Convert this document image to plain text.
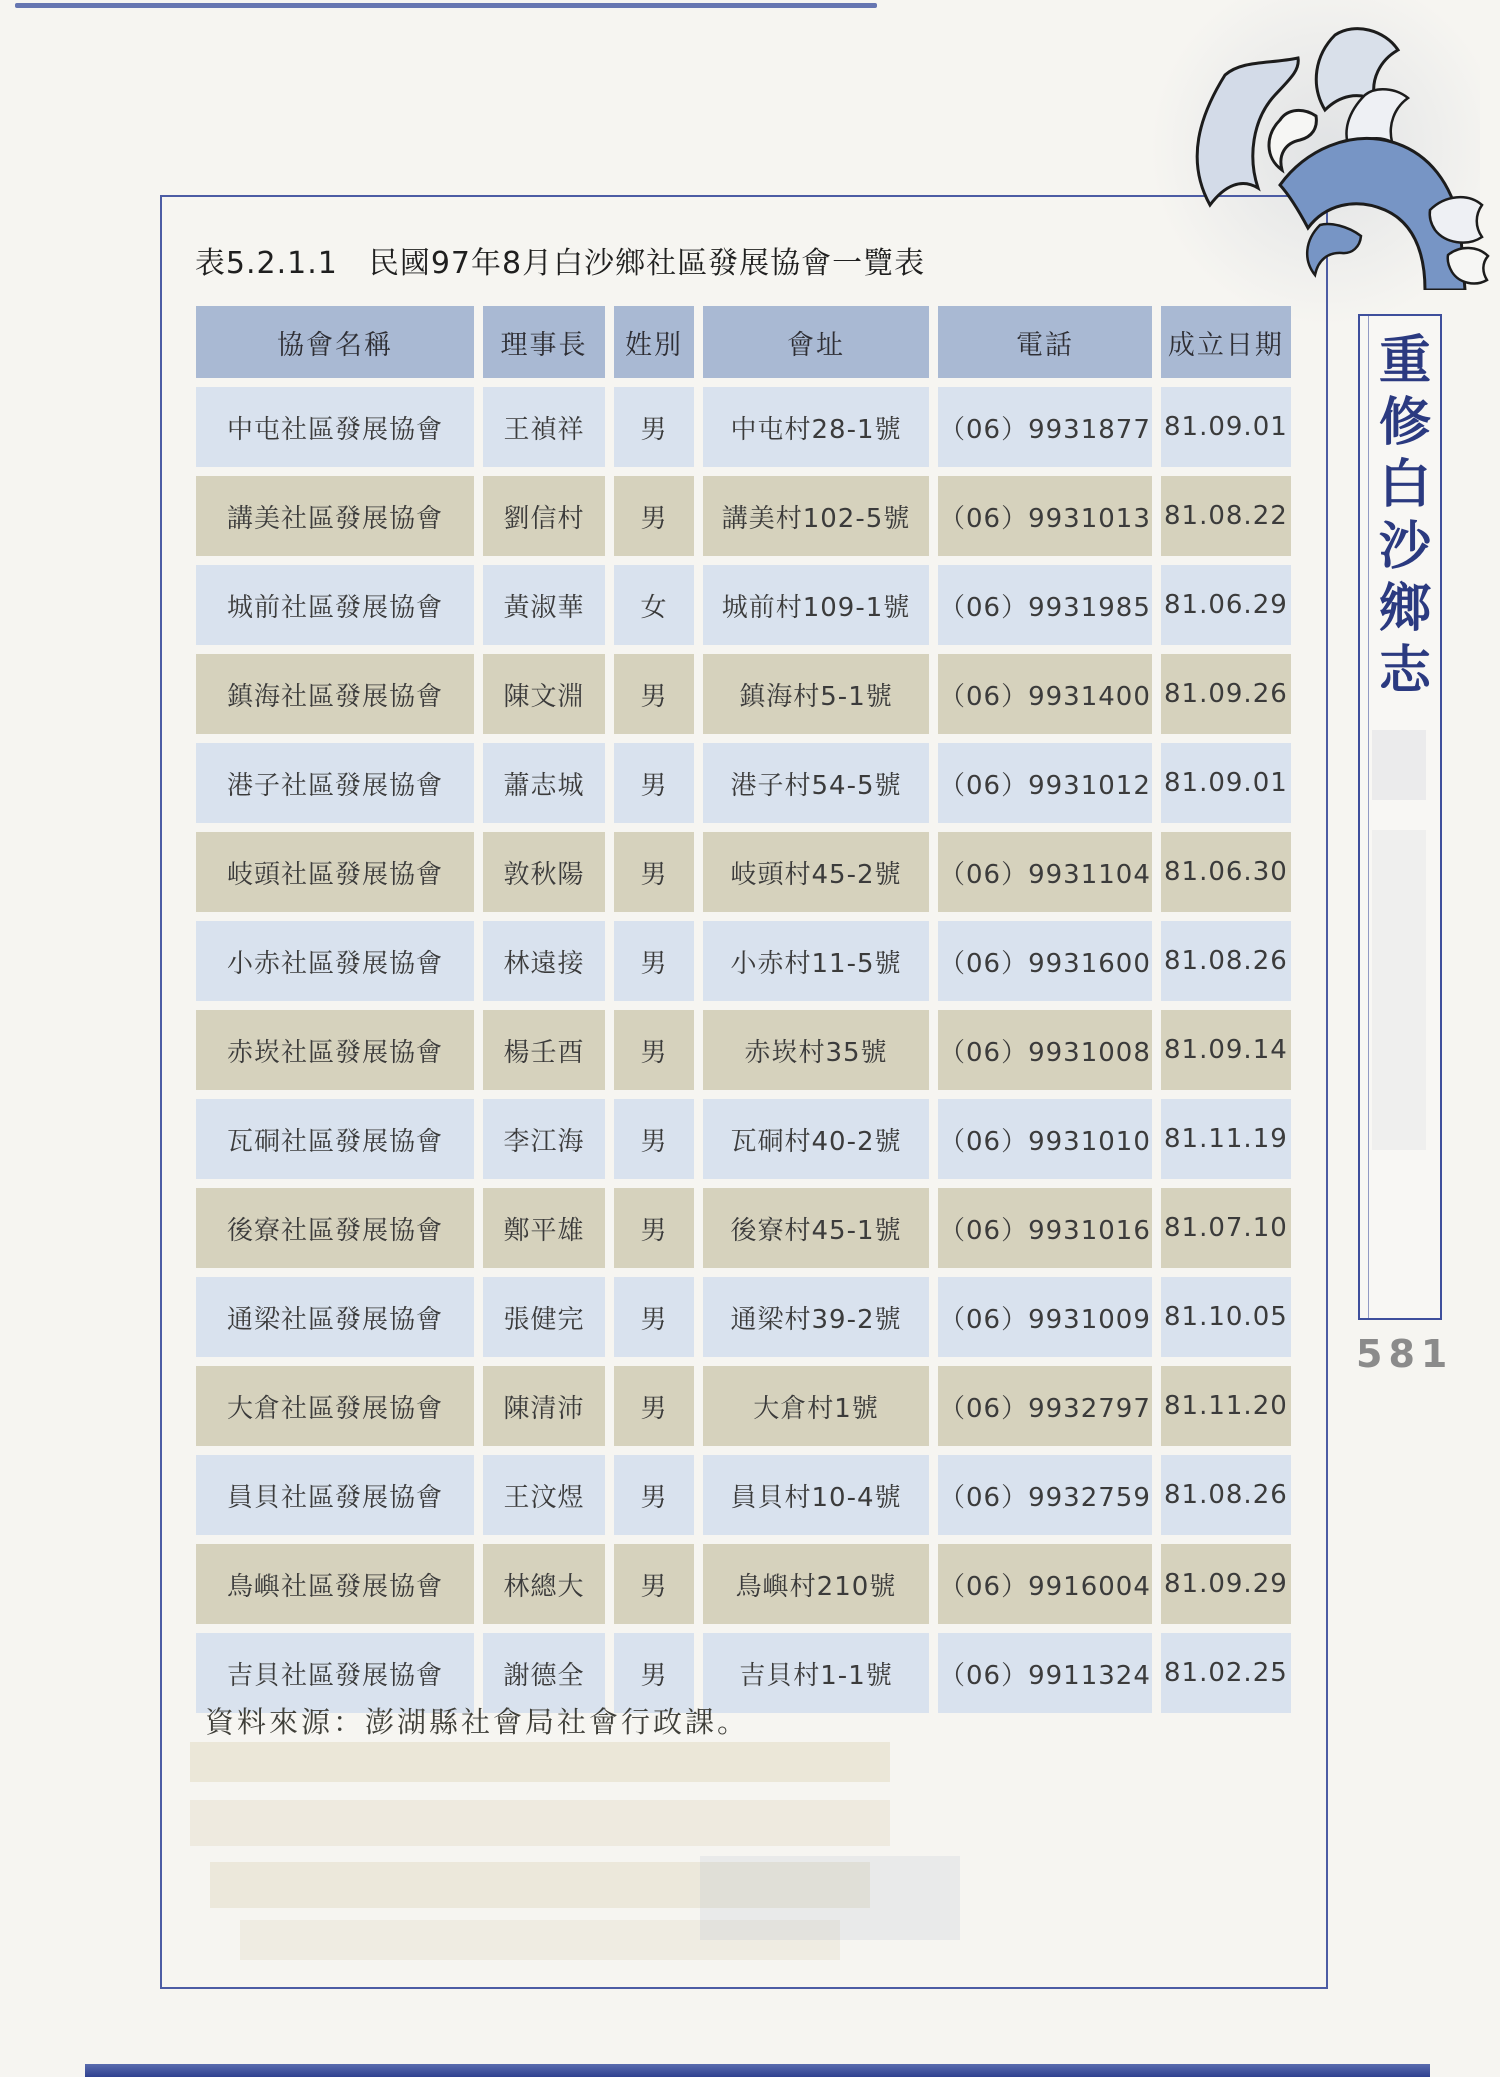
表5.2.1.1　民國97年8月白沙鄉社區發展協會一覽表
協會名稱	理事長	姓別	會址	電話	成立日期
中屯社區發展協會	王禎祥	男	中屯村28-1號	（06）9931877	81.09.01
講美社區發展協會	劉信村	男	講美村102-5號	（06）9931013	81.08.22
城前社區發展協會	黃淑華	女	城前村109-1號	（06）9931985	81.06.29
鎮海社區發展協會	陳文淵	男	鎮海村5-1號	（06）9931400	81.09.26
港子社區發展協會	蕭志城	男	港子村54-5號	（06）9931012	81.09.01
岐頭社區發展協會	敦秋陽	男	岐頭村45-2號	（06）9931104	81.06.30
小赤社區發展協會	林遠接	男	小赤村11-5號	（06）9931600	81.08.26
赤崁社區發展協會	楊壬酉	男	赤崁村35號	（06）9931008	81.09.14
瓦硐社區發展協會	李江海	男	瓦硐村40-2號	（06）9931010	81.11.19
後寮社區發展協會	鄭平雄	男	後寮村45-1號	（06）9931016	81.07.10
通梁社區發展協會	張健完	男	通梁村39-2號	（06）9931009	81.10.05
大倉社區發展協會	陳清沛	男	大倉村1號	（06）9932797	81.11.20
員貝社區發展協會	王汶煜	男	員貝村10-4號	（06）9932759	81.08.26
鳥嶼社區發展協會	林總大	男	鳥嶼村210號	（06）9916004	81.09.29
吉貝社區發展協會	謝德全	男	吉貝村1-1號	（06）9911324	81.02.25
資料來源：澎湖縣社會局社會行政課。
重修白沙鄉志
581
